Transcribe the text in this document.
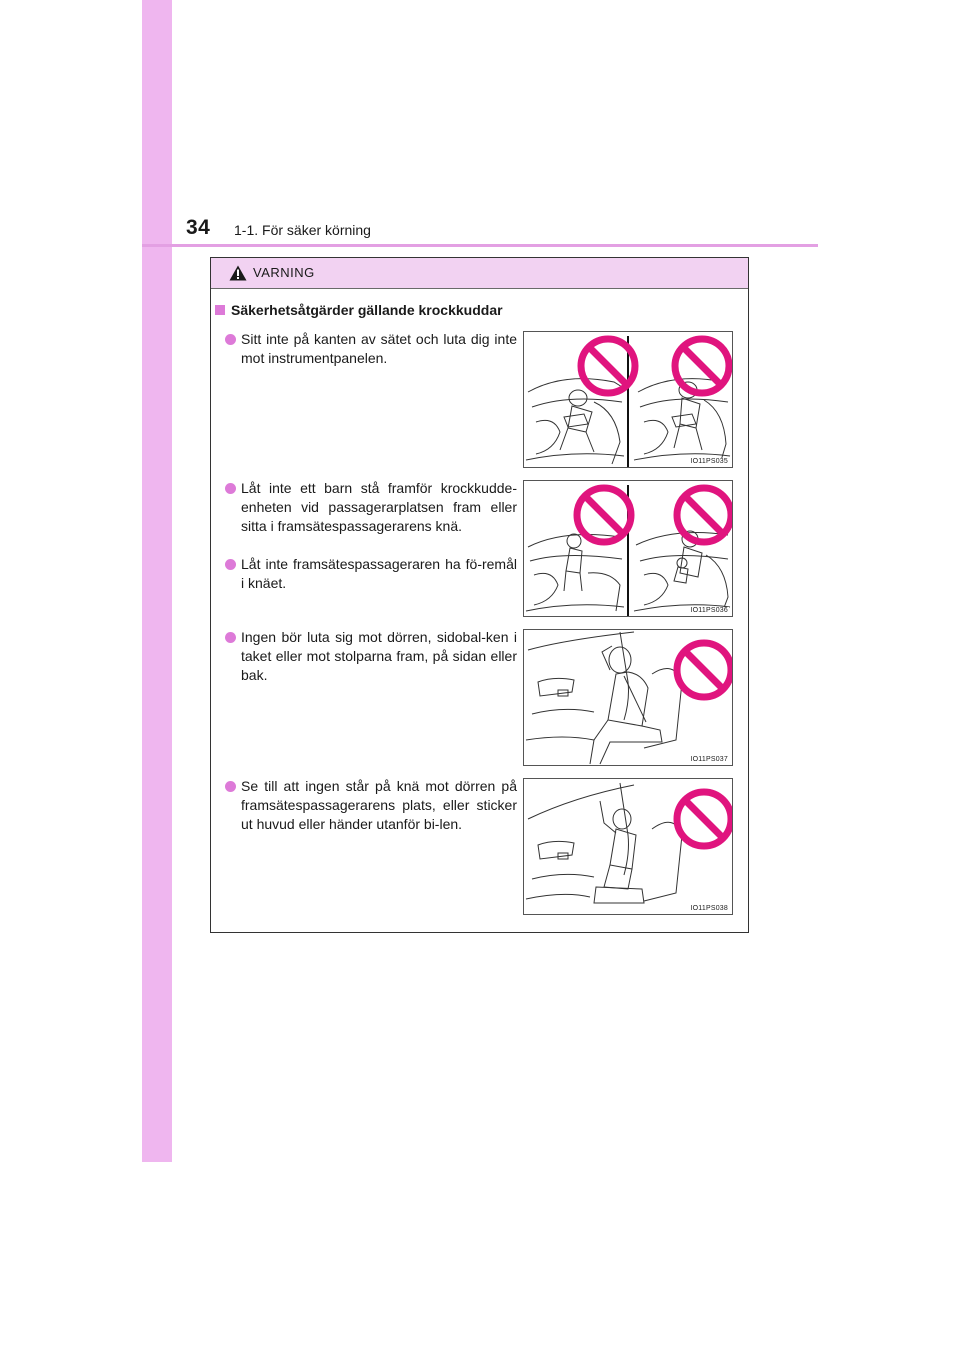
34 1-1. För säker körning
VARNING
Säkerhetsåtgärder gällande krockkuddar
Sitt inte på kanten av sätet och luta dig inte mot instrumentpanelen.
Låt inte ett barn stå framför krockkudde-enheten vid passagerarplatsen fram eller sitta i framsätespassagerarens knä.
Låt inte framsätespassageraren ha fö-remål i knäet.
Ingen bör luta sig mot dörren, sidobal-ken i taket eller mot stolparna fram, på sidan eller bak.
Se till att ingen står på knä mot dörren på framsätespassagerarens plats, eller sticker ut huvud eller händer utanför bi-len.
IO11PS035
IO11PS036
IO11PS037
IO11PS038
